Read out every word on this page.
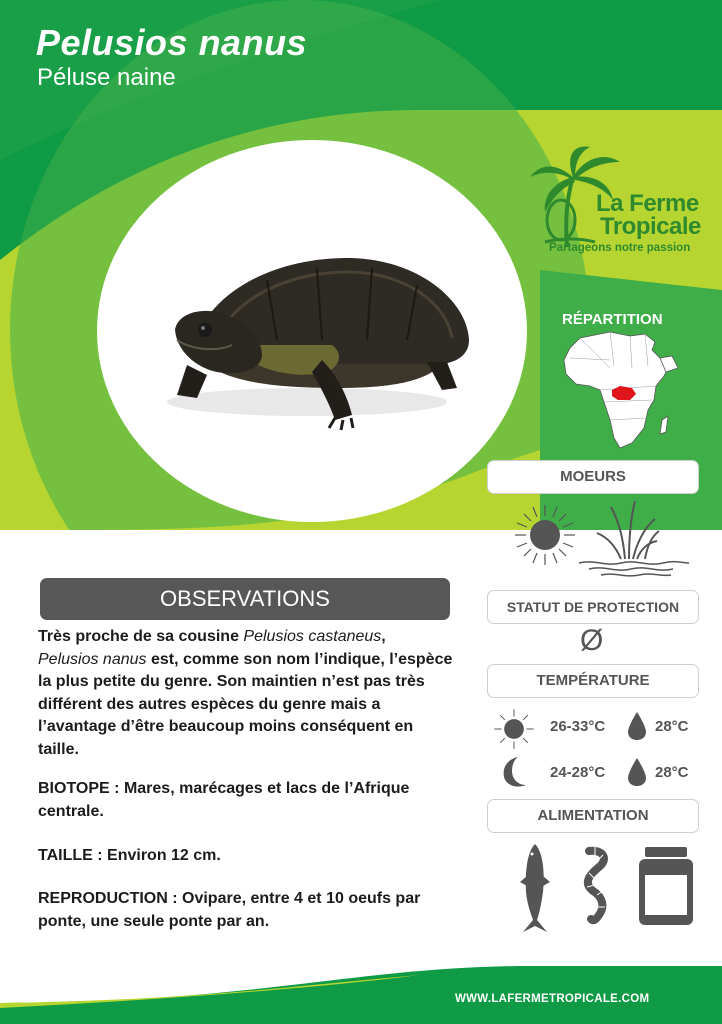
Pelusios nanus
Péluse naine
La Ferme
Tropicale
Partageons notre passion
RÉPARTITION
MOEURS
STATUT DE PROTECTION
Ø
TEMPÉRATURE
26-33°C	28°C
24-28°C	28°C
ALIMENTATION
OBSERVATIONS
Très proche de sa cousine Pelusios castaneus,
Pelusios nanus est, comme son nom l’indique, l’espèce la plus petite du genre. Son maintien n’est pas très différent des autres espèces du genre mais a l’avantage d’être beaucoup moins conséquent en taille.
BIOTOPE : Mares, marécages et lacs de l’Afrique centrale.
TAILLE : Environ 12 cm.
REPRODUCTION : Ovipare, entre 4 et 10 oeufs par ponte, une seule ponte par an.
WWW.LAFERMETROPICALE.COM
